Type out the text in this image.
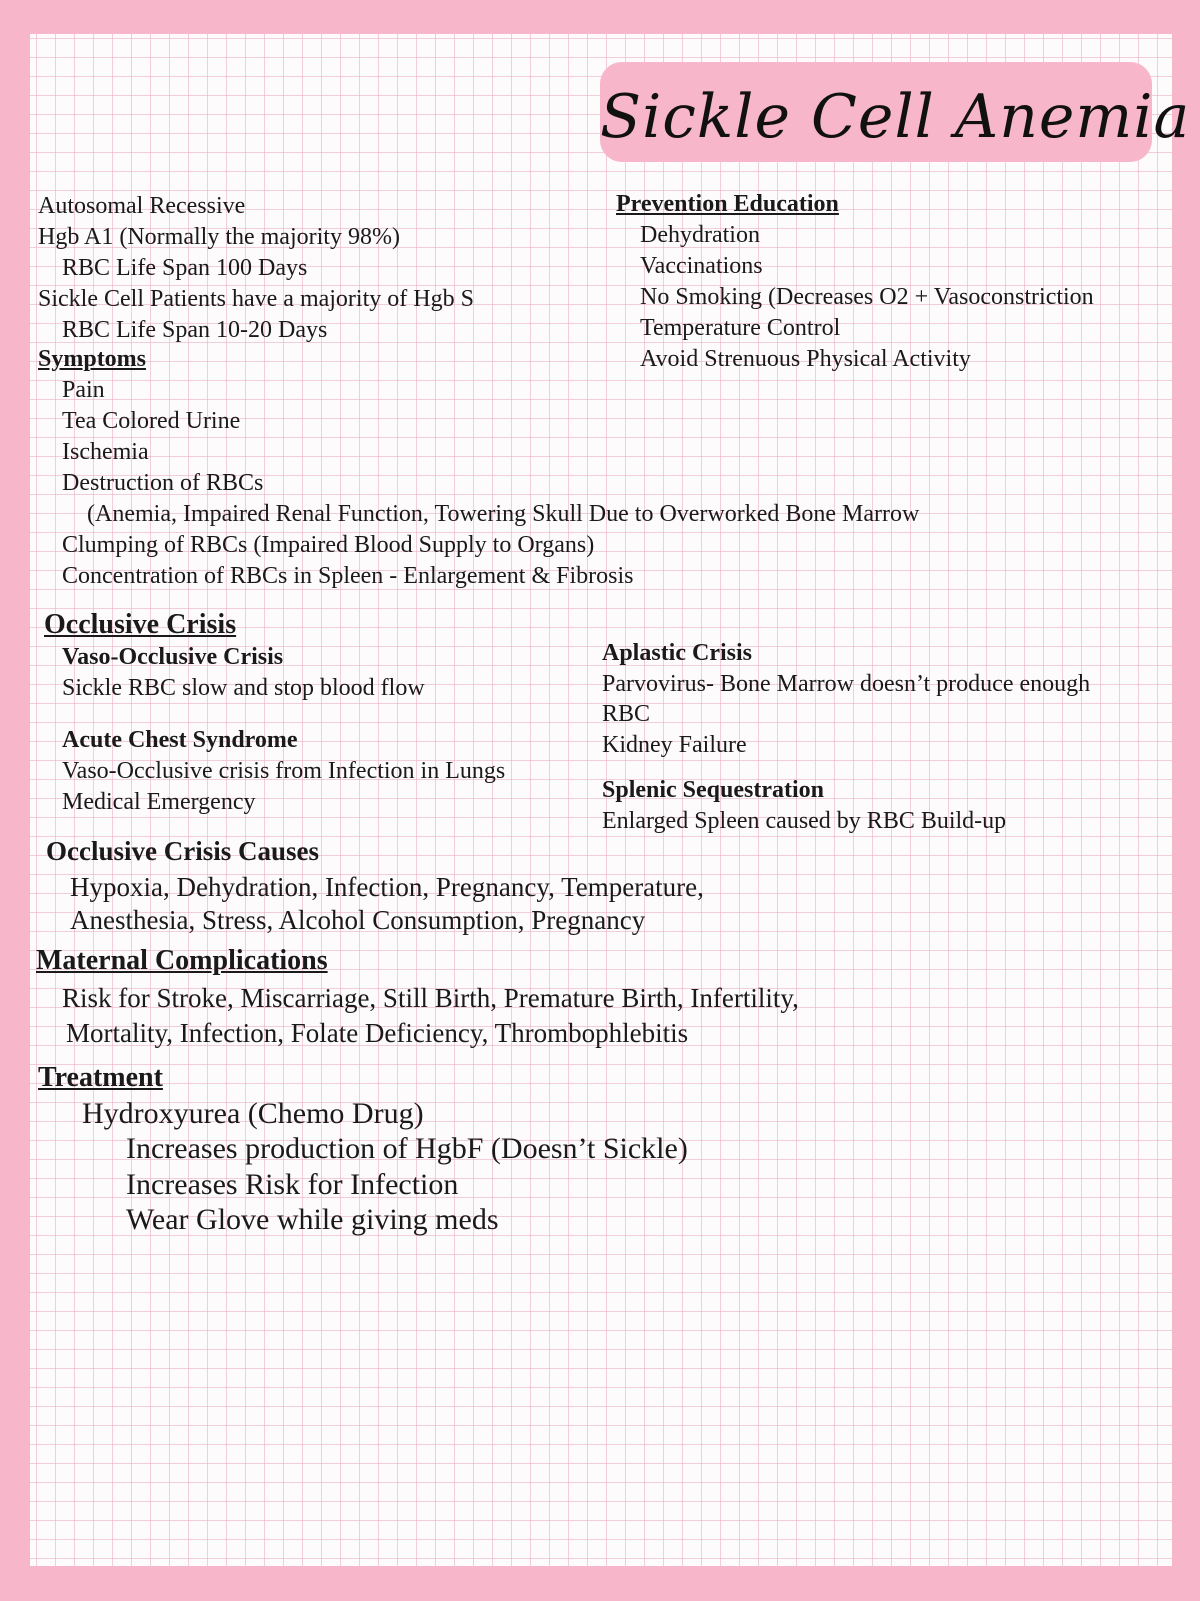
Sickle Cell Anemia
Autosomal Recessive
Hgb A1 (Normally the majority 98%)
RBC Life Span 100 Days
Sickle Cell Patients have a majority of Hgb S
RBC Life Span 10-20 Days
Prevention Education
Dehydration
Vaccinations
No Smoking (Decreases O2 + Vasoconstriction
Temperature Control
Avoid Strenuous Physical Activity
Symptoms
Pain
Tea Colored Urine
Ischemia
Destruction of RBCs
(Anemia, Impaired Renal Function, Towering Skull Due to Overworked Bone Marrow
Clumping of RBCs (Impaired Blood Supply to Organs)
Concentration of RBCs in Spleen - Enlargement & Fibrosis
Occlusive Crisis
Vaso-Occlusive Crisis
Sickle RBC slow and stop blood flow
Acute Chest Syndrome
Vaso-Occlusive crisis from Infection in Lungs
Medical Emergency
Aplastic Crisis
Parvovirus- Bone Marrow doesn’t produce enough
RBC
Kidney Failure
Splenic Sequestration
Enlarged Spleen caused by RBC Build-up
Occlusive Crisis Causes
Hypoxia, Dehydration, Infection, Pregnancy, Temperature,
Anesthesia, Stress, Alcohol Consumption, Pregnancy
Maternal Complications
Risk for Stroke, Miscarriage, Still Birth, Premature Birth, Infertility,
Mortality, Infection, Folate Deficiency, Thrombophlebitis
Treatment
Hydroxyurea (Chemo Drug)
Increases production of HgbF (Doesn’t Sickle)
Increases Risk for Infection
Wear Glove while giving meds
